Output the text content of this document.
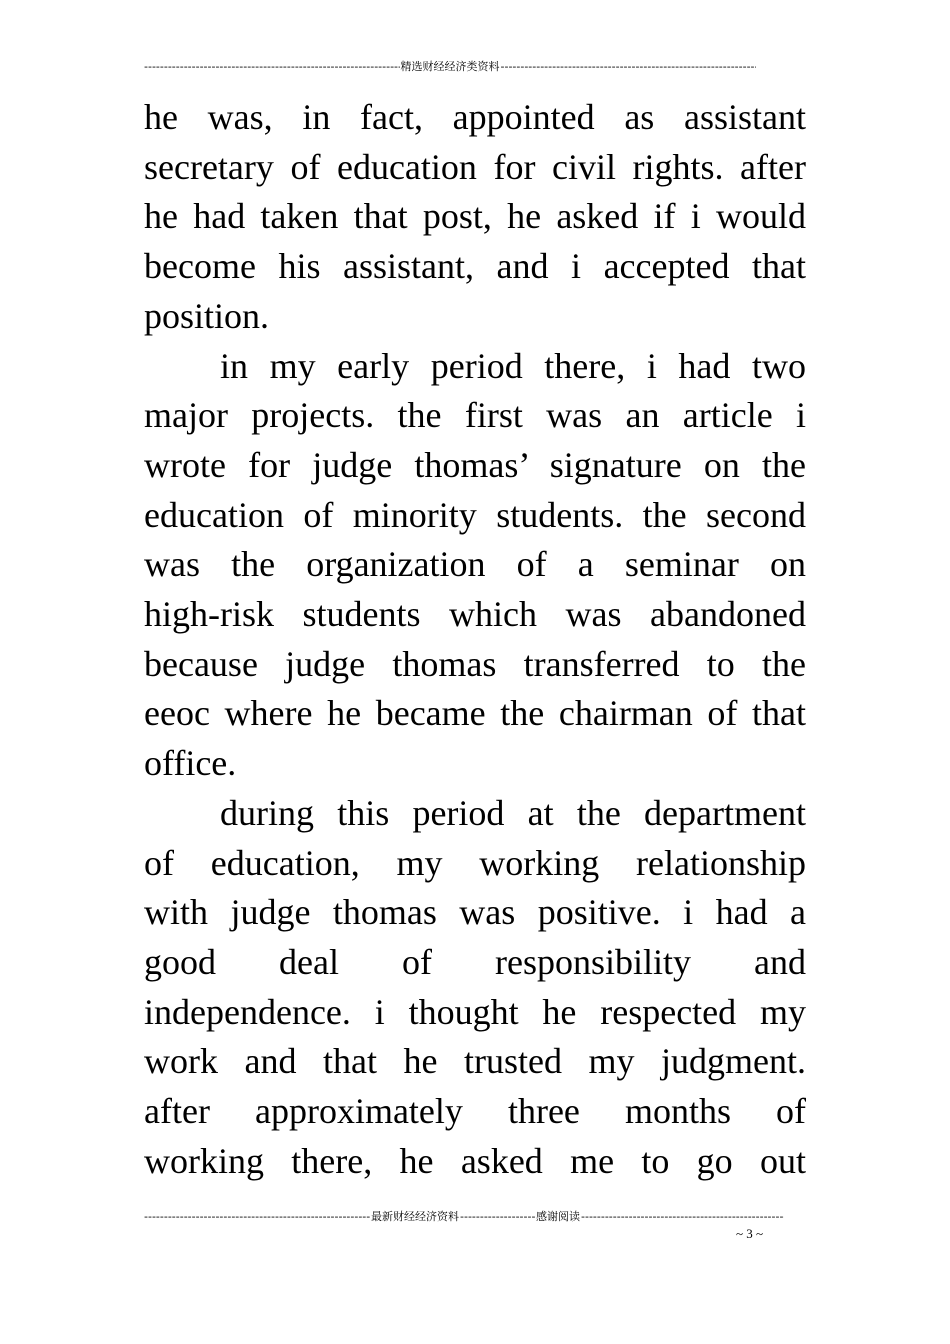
-----
精选财经经济类资料
-----

he was, in fact, appointed as assistant
secretary of education for civil rights. after
he had taken that post, he asked if i would
become his assistant, and i accepted that
position.

in my early period there, i had two
major projects. the first was an article i
wrote for judge thomas’ signature on the
education of minority students. the second
was the organization of a seminar on
high-risk students which was abandoned
because judge thomas transferred to the
eeoc where he became the chairman of that
office.

during this period at the department
of education, my working relationship
with judge thomas was positive. i had a
good deal of responsibility and
independence. i thought he respected my
work and that he trusted my judgment.
after approximately three months of
working there, he asked me to go out

-----
最新财经经济资料
-----	感谢阅读
-----
~ 3 ~
